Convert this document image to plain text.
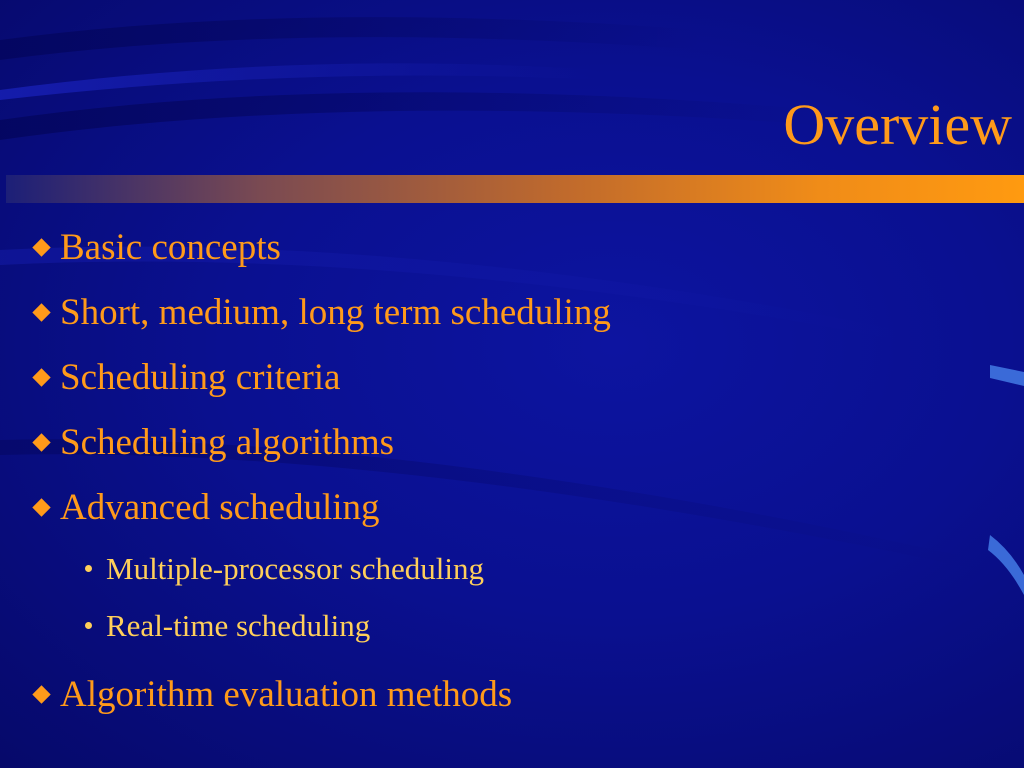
Overview
Basic concepts
Short, medium, long term scheduling
Scheduling criteria
Scheduling algorithms
Advanced scheduling
Multiple-processor scheduling
Real-time scheduling
Algorithm evaluation methods
